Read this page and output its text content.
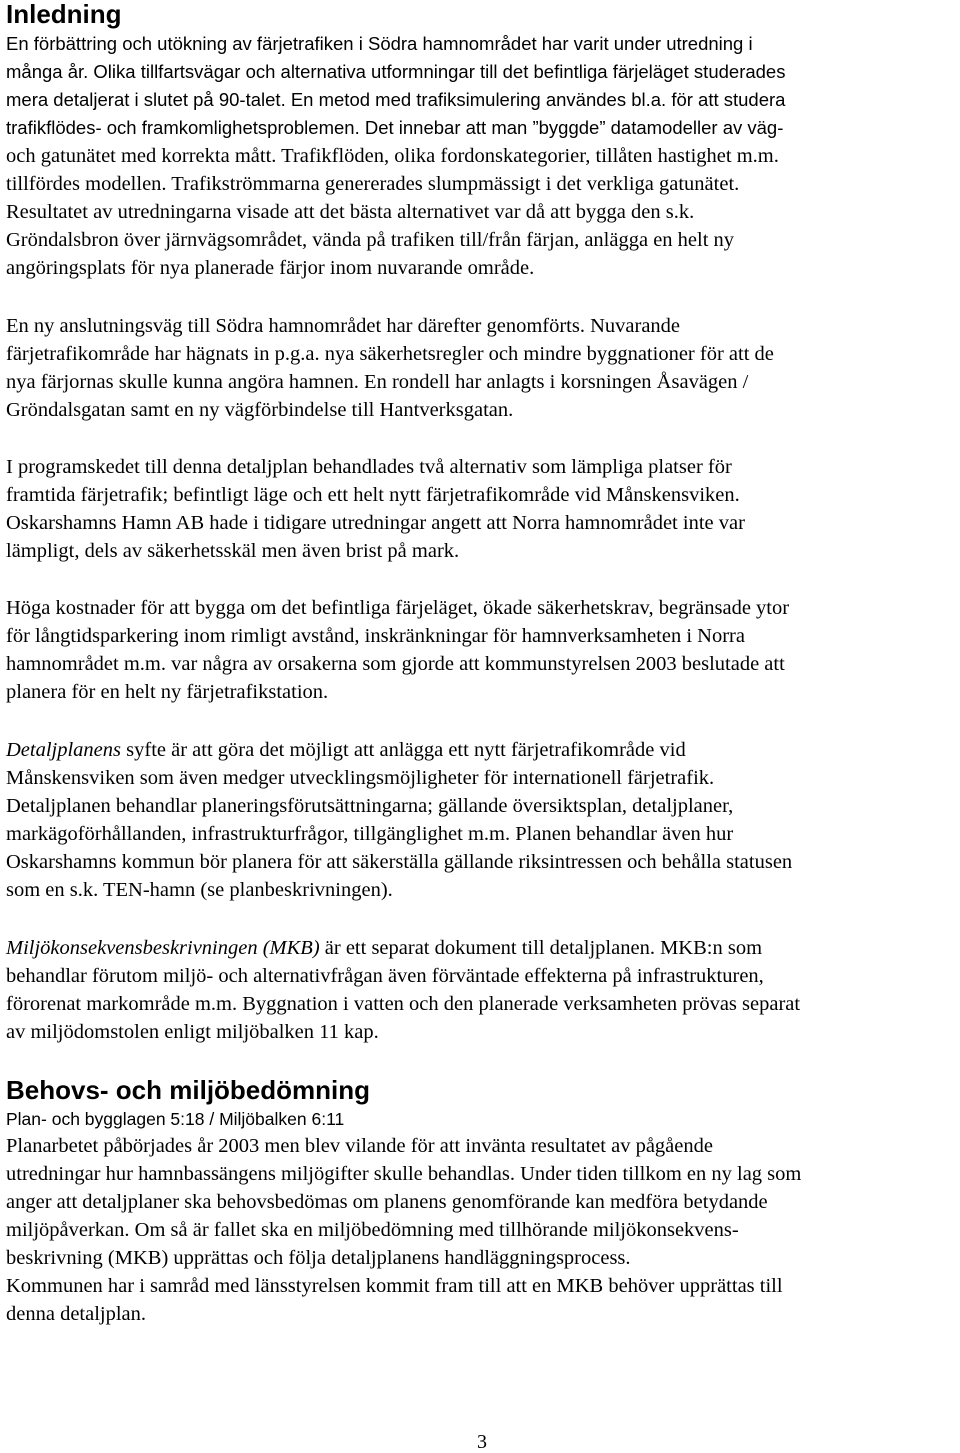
Inledning
En förbättring och utökning av färjetrafiken i Södra hamnområdet har varit under utredning i
många år. Olika tillfartsvägar och alternativa utformningar till det befintliga färjeläget studerades
mera detaljerat i slutet på 90-talet. En metod med trafiksimulering användes bl.a. för att studera
trafikflödes- och framkomlighetsproblemen. Det innebar att man ”byggde” datamodeller av väg-
och gatunätet med korrekta mått. Trafikflöden, olika fordonskategorier, tillåten hastighet m.m.
tillfördes modellen. Trafikströmmarna genererades slumpmässigt i det verkliga gatunätet.
Resultatet av utredningarna visade att det bästa alternativet var då att bygga den s.k.
Gröndalsbron över järnvägsområdet, vända på trafiken till/från färjan, anlägga en helt ny
angöringsplats för nya planerade färjor inom nuvarande område.
En ny anslutningsväg till Södra hamnområdet har därefter genomförts. Nuvarande
färjetrafikområde har hägnats in p.g.a. nya säkerhetsregler och mindre byggnationer för att de
nya färjornas skulle kunna angöra hamnen. En rondell har anlagts i korsningen Åsavägen /
Gröndalsgatan samt en ny vägförbindelse till Hantverksgatan.
I programskedet till denna detaljplan behandlades två alternativ som lämpliga platser för
framtida färjetrafik; befintligt läge och ett helt nytt färjetrafikområde vid Månskensviken.
Oskarshamns Hamn AB hade i tidigare utredningar angett att Norra hamnområdet inte var
lämpligt, dels av säkerhetsskäl men även brist på mark.
Höga kostnader för att bygga om det befintliga färjeläget, ökade säkerhetskrav, begränsade ytor
för långtidsparkering inom rimligt avstånd, inskränkningar för hamnverksamheten i Norra
hamnområdet m.m. var några av orsakerna som gjorde att kommunstyrelsen 2003 beslutade att
planera för en helt ny färjetrafikstation.
Detaljplanens syfte är att göra det möjligt att anlägga ett nytt färjetrafikområde vid
Månskensviken som även medger utvecklingsmöjligheter för internationell färjetrafik.
Detaljplanen behandlar planeringsförutsättningarna; gällande översiktsplan, detaljplaner,
markägoförhållanden, infrastrukturfrågor, tillgänglighet m.m. Planen behandlar även hur
Oskarshamns kommun bör planera för att säkerställa gällande riksintressen och behålla statusen
som en s.k. TEN-hamn (se planbeskrivningen).
Miljökonsekvensbeskrivningen (MKB) är ett separat dokument till detaljplanen. MKB:n som
behandlar förutom miljö- och alternativfrågan även förväntade effekterna på infrastrukturen,
förorenat markområde m.m. Byggnation i vatten och den planerade verksamheten prövas separat
av miljödomstolen enligt miljöbalken 11 kap.
Behovs- och miljöbedömning
Plan- och bygglagen 5:18 / Miljöbalken 6:11
Planarbetet påbörjades år 2003 men blev vilande för att invänta resultatet av pågående
utredningar hur hamnbassängens miljögifter skulle behandlas. Under tiden tillkom en ny lag som
anger att detaljplaner ska behovsbedömas om planens genomförande kan medföra betydande
miljöpåverkan. Om så är fallet ska en miljöbedömning med tillhörande miljökonsekvens-
beskrivning (MKB) upprättas och följa detaljplanens handläggningsprocess.
Kommunen har i samråd med länsstyrelsen kommit fram till att en MKB behöver upprättas till
denna detaljplan.
3
